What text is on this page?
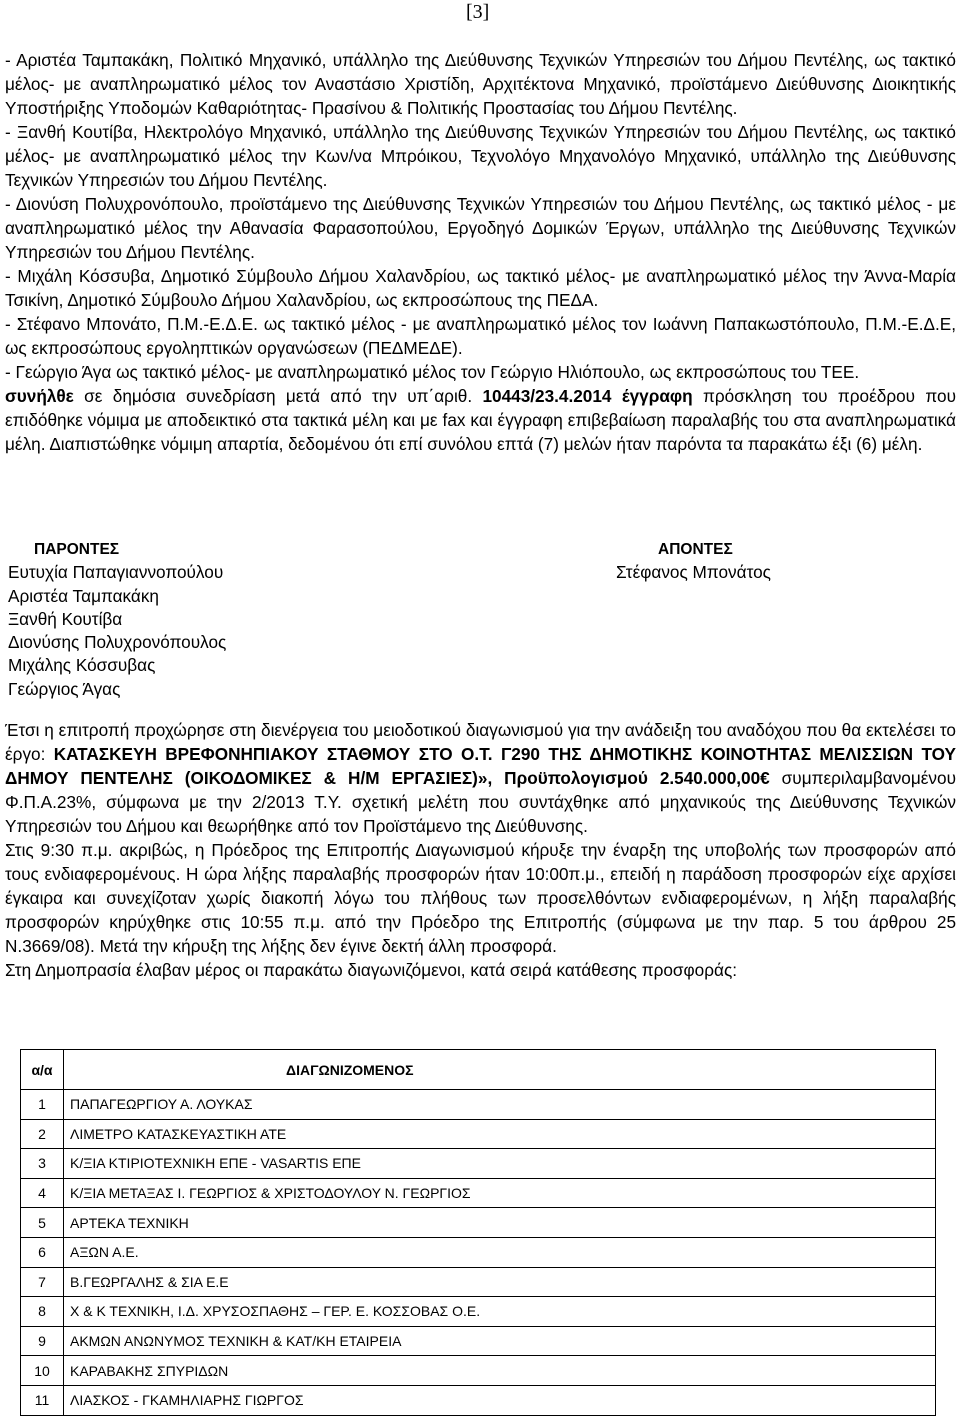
[3]

- Αριστέα Ταμπακάκη, Πολιτικό Μηχανικό, υπάλληλο της Διεύθυνσης Τεχνικών Υπηρεσιών του Δήμου Πεντέλης, ως τακτικό μέλος- με αναπληρωματικό μέλος τον Αναστάσιο Χριστίδη, Αρχιτέκτονα Μηχανικό, προϊστάμενο Διεύθυνσης Διοικητικής Υποστήριξης Υποδομών Καθαριότητας- Πρασίνου & Πολιτικής Προστασίας του Δήμου Πεντέλης.

- Ξανθή Κουτίβα, Ηλεκτρολόγο Μηχανικό, υπάλληλο της Διεύθυνσης Τεχνικών Υπηρεσιών του Δήμου Πεντέλης, ως τακτικό μέλος- με αναπληρωματικό μέλος την Κων/να Μπρόικου, Τεχνολόγο Μηχανολόγο Μηχανικό, υπάλληλο της Διεύθυνσης Τεχνικών Υπηρεσιών του Δήμου Πεντέλης.

- Διονύση Πολυχρονόπουλο, προϊστάμενο της Διεύθυνσης Τεχνικών Υπηρεσιών του Δήμου Πεντέλης, ως τακτικό μέλος - με αναπληρωματικό μέλος την Αθανασία Φαρασοπούλου, Εργοδηγό Δομικών Έργων, υπάλληλο της Διεύθυνσης Τεχνικών Υπηρεσιών του Δήμου Πεντέλης.

- Μιχάλη Κόσσυβα, Δημοτικό Σύμβουλο Δήμου Χαλανδρίου, ως τακτικό μέλος- με αναπληρωματικό μέλος την Άννα-Μαρία Τσικίνη, Δημοτικό Σύμβουλο Δήμου Χαλανδρίου, ως εκπροσώπους της ΠΕΔΑ.

- Στέφανο Μπονάτο, Π.Μ.-Ε.Δ.Ε. ως τακτικό μέλος - με αναπληρωματικό μέλος τον Ιωάννη Παπακωστόπουλο, Π.Μ.-Ε.Δ.Ε, ως εκπροσώπους εργοληπτικών οργανώσεων (ΠΕΔΜΕΔΕ).

- Γεώργιο Άγα ως τακτικό μέλος- με αναπληρωματικό μέλος τον Γεώργιο Ηλιόπουλο, ως εκπροσώπους του ΤΕΕ.

συνήλθε σε δημόσια συνεδρίαση μετά από την υπ΄αριθ. 10443/23.4.2014 έγγραφη πρόσκληση του προέδρου που επιδόθηκε νόμιμα με αποδεικτικό στα τακτικά μέλη και με fax και έγγραφη επιβεβαίωση παραλαβής του στα αναπληρωματικά μέλη. Διαπιστώθηκε νόμιμη απαρτία, δεδομένου ότι επί συνόλου επτά (7) μελών ήταν παρόντα τα παρακάτω έξι (6) μέλη.

ΠΑΡΟΝΤΕΣ
Ευτυχία Παπαγιαννοπούλου
Αριστέα Ταμπακάκη
Ξανθή Κουτίβα
Διονύσης Πολυχρονόπουλος
Μιχάλης Κόσσυβας
Γεώργιος Άγας
ΑΠΟΝΤΕΣ
Στέφανος Μπονάτος

Έτσι η επιτροπή προχώρησε στη διενέργεια του μειοδοτικού διαγωνισμού για την ανάδειξη του αναδόχου που θα εκτελέσει το έργο: ΚΑΤΑΣΚΕΥΗ ΒΡΕΦΟΝΗΠΙΑΚΟΥ ΣΤΑΘΜΟΥ ΣΤΟ Ο.Τ. Γ290 ΤΗΣ ΔΗΜΟΤΙΚΗΣ ΚΟΙΝΟΤΗΤΑΣ ΜΕΛΙΣΣΙΩΝ ΤΟΥ ΔΗΜΟΥ ΠΕΝΤΕΛΗΣ (ΟΙΚΟΔΟΜΙΚΕΣ & Η/Μ ΕΡΓΑΣΙΕΣ)», Προϋπολογισμού 2.540.000,00€ συμπεριλαμβανομένου Φ.Π.Α.23%, σύμφωνα με την 2/2013 Τ.Υ. σχετική μελέτη που συντάχθηκε από μηχανικούς της Διεύθυνσης Τεχνικών Υπηρεσιών του Δήμου και θεωρήθηκε από τον Προϊστάμενο της Διεύθυνσης.

Στις 9:30 π.μ. ακριβώς, η Πρόεδρος της Επιτροπής Διαγωνισμού κήρυξε την έναρξη της υποβολής των προσφορών από τους ενδιαφερομένους. Η ώρα λήξης παραλαβής προσφορών ήταν 10:00π.μ., επειδή η παράδοση προσφορών είχε αρχίσει έγκαιρα και συνεχίζοταν χωρίς διακοπή λόγω του πλήθους των προσελθόντων ενδιαφερομένων, η λήξη παραλαβής προσφορών κηρύχθηκε στις 10:55 π.μ. από την Πρόεδρο της Επιτροπής (σύμφωνα με την παρ. 5 του άρθρου 25 Ν.3669/08). Μετά την κήρυξη της λήξης δεν έγινε δεκτή άλλη προσφορά.

Στη Δημοπρασία έλαβαν μέρος οι παρακάτω διαγωνιζόμενοι, κατά σειρά κατάθεσης προσφοράς:

α/α	ΔΙΑΓΩΝΙΖΟΜΕΝΟΣ
1	ΠΑΠΑΓΕΩΡΓΙΟΥ Α. ΛΟΥΚΑΣ
2	ΛΙΜΕΤΡΟ ΚΑΤΑΣΚΕΥΑΣΤΙΚΗ ΑΤΕ
3	Κ/ΞΙΑ ΚΤΙΡΙΟΤΕΧΝΙΚΗ ΕΠΕ - VASARTIS ΕΠΕ
4	Κ/ΞΙΑ ΜΕΤΑΞΑΣ Ι. ΓΕΩΡΓΙΟΣ & ΧΡΙΣΤΟΔΟΥΛΟΥ Ν. ΓΕΩΡΓΙΟΣ
5	ΑΡΤΕΚΑ ΤΕΧΝΙΚΗ
6	ΑΞΩΝ Α.Ε.
7	Β.ΓΕΩΡΓΑΛΗΣ & ΣΙΑ Ε.Ε
8	Χ & Κ ΤΕΧΝΙΚΗ, Ι.Δ. ΧΡΥΣΟΣΠΑΘΗΣ – ΓΕΡ. Ε. ΚΟΣΣΟΒΑΣ Ο.Ε.
9	ΑΚΜΩΝ ΑΝΩΝΥΜΟΣ ΤΕΧΝΙΚΗ & ΚΑΤ/ΚΗ ΕΤΑΙΡΕΙΑ
10	ΚΑΡΑΒΑΚΗΣ ΣΠΥΡΙΔΩΝ
11	ΛΙΑΣΚΟΣ - ΓΚΑΜΗΛΙΑΡΗΣ ΓΙΩΡΓΟΣ
